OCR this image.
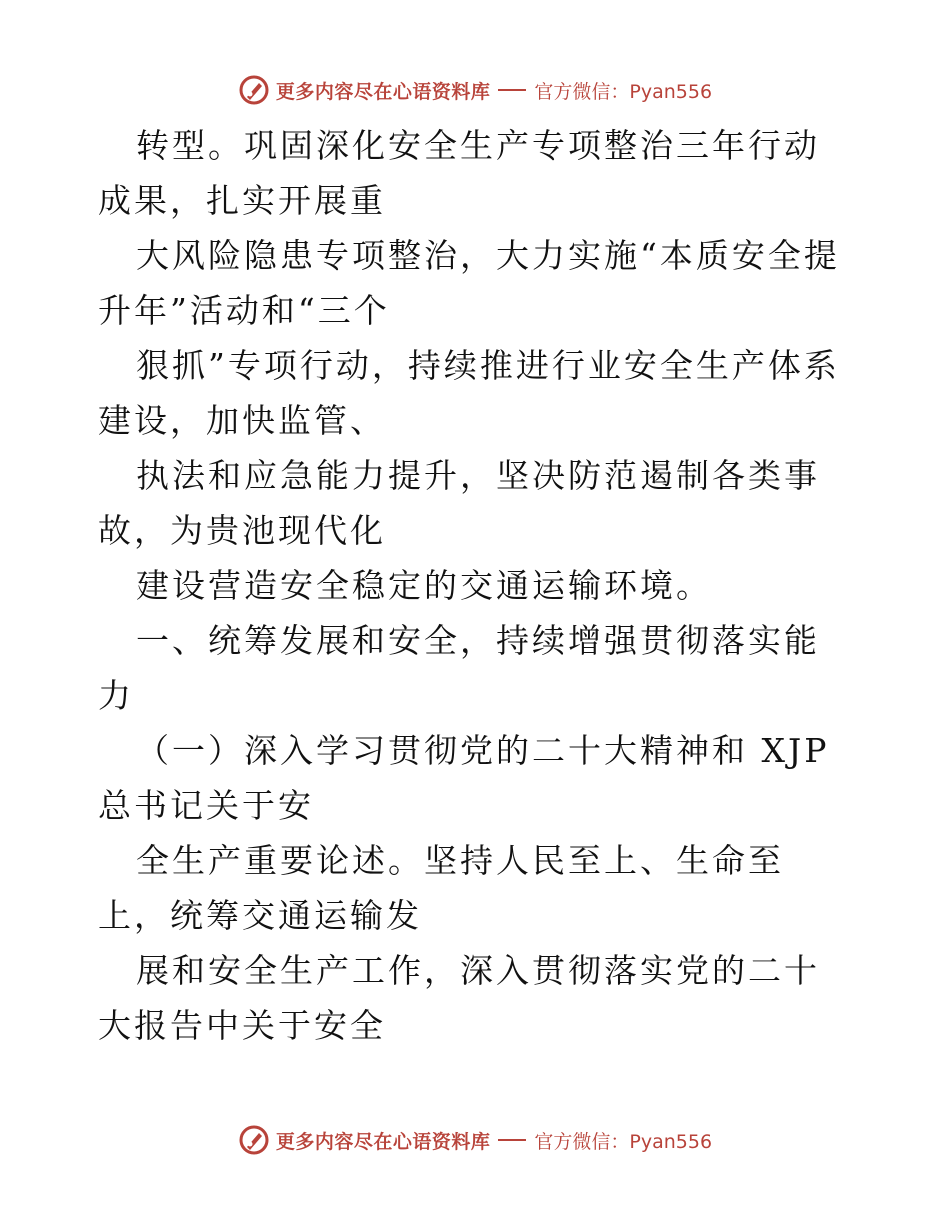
更多内容尽在心语资料库 官方微信：Pyan556

转型。巩固深化安全生产专项整治三年行动成果，扎实开展重

大风险隐患专项整治，大力实施“本质安全提升年”活动和“三个

狠抓”专项行动，持续推进行业安全生产体系建设，加快监管、

执法和应急能力提升，坚决防范遏制各类事故，为贵池现代化

建设营造安全稳定的交通运输环境。

一、统筹发展和安全，持续增强贯彻落实能力

（一）深入学习贯彻党的二十大精神和 XJP 总书记关于安

全生产重要论述。坚持人民至上、生命至上，统筹交通运输发

展和安全生产工作，深入贯彻落实党的二十大报告中关于安全

更多内容尽在心语资料库 官方微信：Pyan556
